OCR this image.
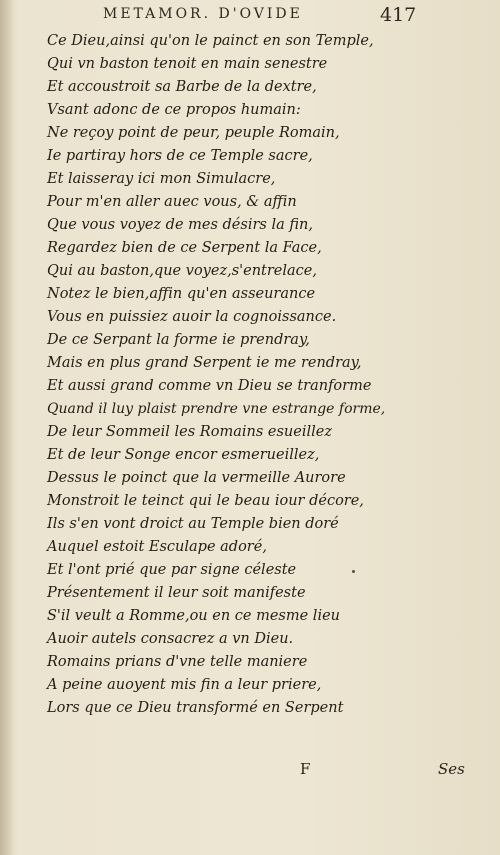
METAMOR. D'OVIDE	417
Ce Dieu,ainsi qu'on le painct en son Temple,
Qui vn baston tenoit en main senestre
Et accoustroit sa Barbe de la dextre,
Vsant adonc de ce propos humain:
Ne reçoy point de peur, peuple Romain,
Ie partiray hors de ce Temple sacre,
Et laisseray ici mon Simulacre,
Pour m'en aller auec vous, & affin
Que vous voyez de mes désirs la fin,
Regardez bien de ce Serpent la Face,
Qui au baston,que voyez,s'entrelace,
Notez le bien,affin qu'en asseurance
Vous en puissiez auoir la cognoissance.
De ce Serpant la forme ie prendray,
Mais en plus grand Serpent ie me rendray,
Et aussi grand comme vn Dieu se tranforme
Quand il luy plaist prendre vne estrange forme,
De leur Sommeil les Romains esueillez
Et de leur Songe encor esmerueillez,
Dessus le poinct que la vermeille Aurore
Monstroit le teinct qui le beau iour décore,
Ils s'en vont droict au Temple bien doré
Auquel estoit Esculape adoré,
Et l'ont prié que par signe céleste
Présentement il leur soit manifeste
S'il veult a Romme,ou en ce mesme lieu
Auoir autels consacrez a vn Dieu.
Romains prians d'vne telle maniere
A peine auoyent mis fin a leur priere,
Lors que ce Dieu transformé en Serpent
F	Ses
